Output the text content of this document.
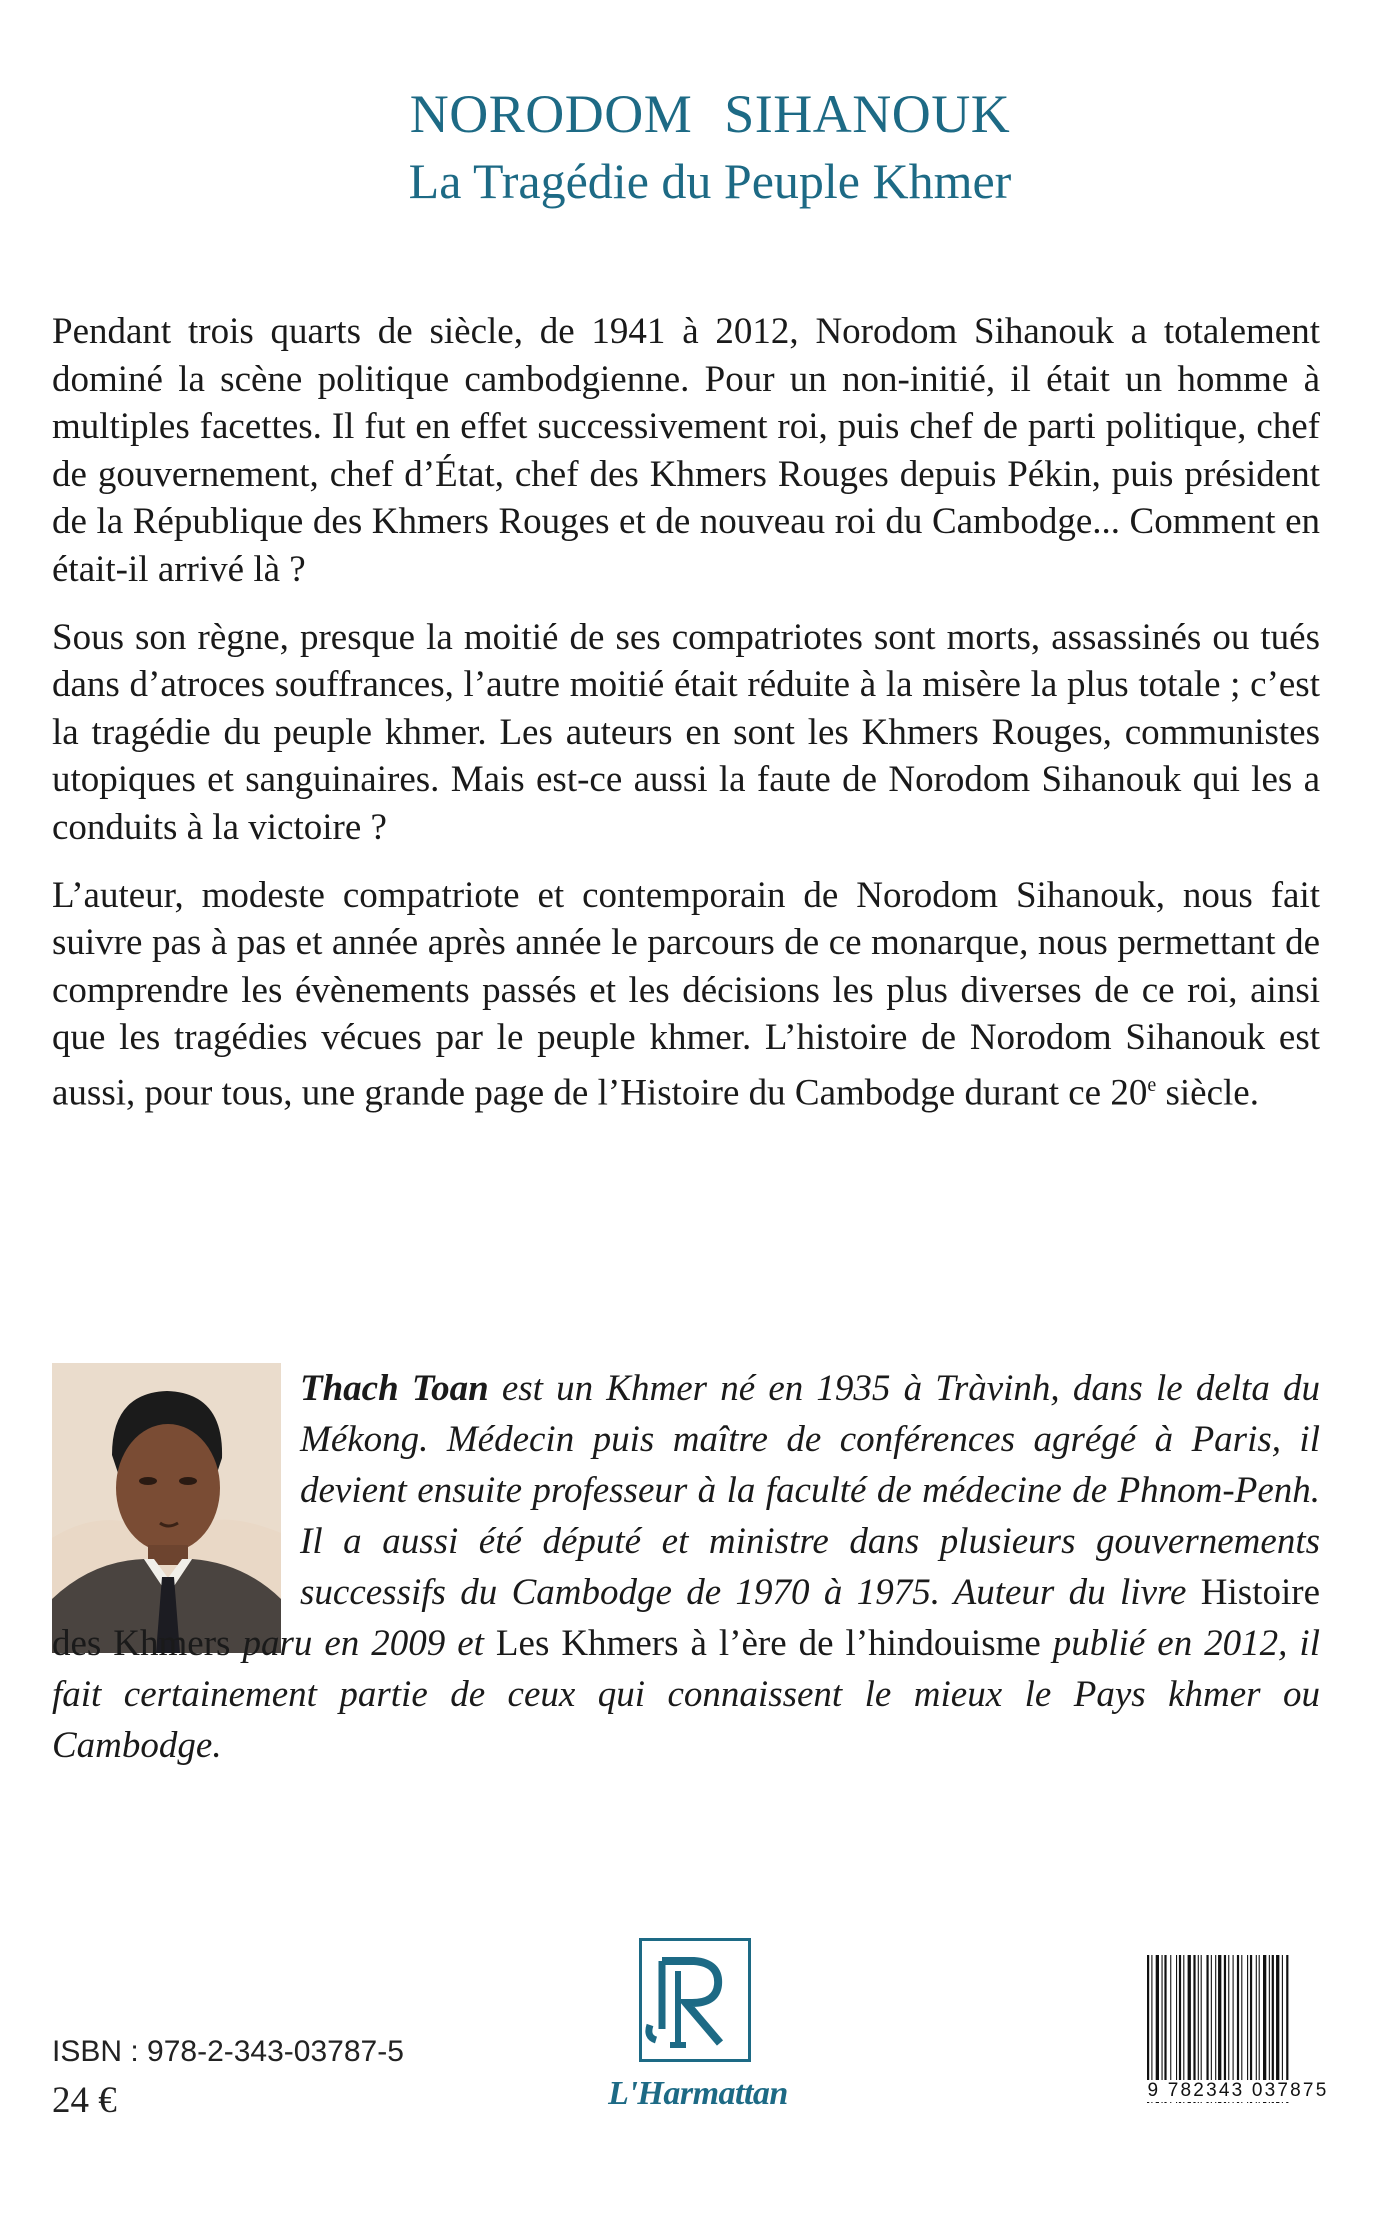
NORODOM SIHANOUK
La Tragédie du Peuple Khmer

Pendant trois quarts de siècle, de 1941 à 2012, Norodom Sihanouk a totalement dominé la scène politique cambodgienne. Pour un non-initié, il était un homme à multiples facettes. Il fut en effet successivement roi, puis chef de parti politique, chef de gouvernement, chef d’État, chef des Khmers Rouges depuis Pékin, puis président de la République des Khmers Rouges et de nouveau roi du Cambodge... Comment en était-il arrivé là ?

Sous son règne, presque la moitié de ses compatriotes sont morts, assassinés ou tués dans d’atroces souffrances, l’autre moitié était réduite à la misère la plus totale ; c’est la tragédie du peuple khmer. Les auteurs en sont les Khmers Rouges, communistes utopiques et sanguinaires. Mais est-ce aussi la faute de Norodom Sihanouk qui les a conduits à la victoire ?

L’auteur, modeste compatriote et contemporain de Norodom Sihanouk, nous fait suivre pas à pas et année après année le parcours de ce monarque, nous permettant de comprendre les évènements passés et les décisions les plus diverses de ce roi, ainsi que les tragédies vécues par le peuple khmer. L’histoire de Norodom Sihanouk est aussi, pour tous, une grande page de l’Histoire du Cambodge durant ce 20e siècle.

Thach Toan est un Khmer né en 1935 à Tràvinh, dans le delta du Mékong. Médecin puis maître de conférences agrégé à Paris, il devient ensuite professeur à la faculté de médecine de Phnom-Penh. Il a aussi été député et ministre dans plusieurs gouvernements successifs du Cambodge de 1970 à 1975. Auteur du livre Histoire des Khmers paru en 2009 et Les Khmers à l’ère de l’hindouisme publié en 2012, il fait certainement partie de ceux qui connaissent le mieux le Pays khmer ou Cambodge.

L'Harmattan
ISBN : 978-2-343-03787-5
24 €	9 782343 037875
